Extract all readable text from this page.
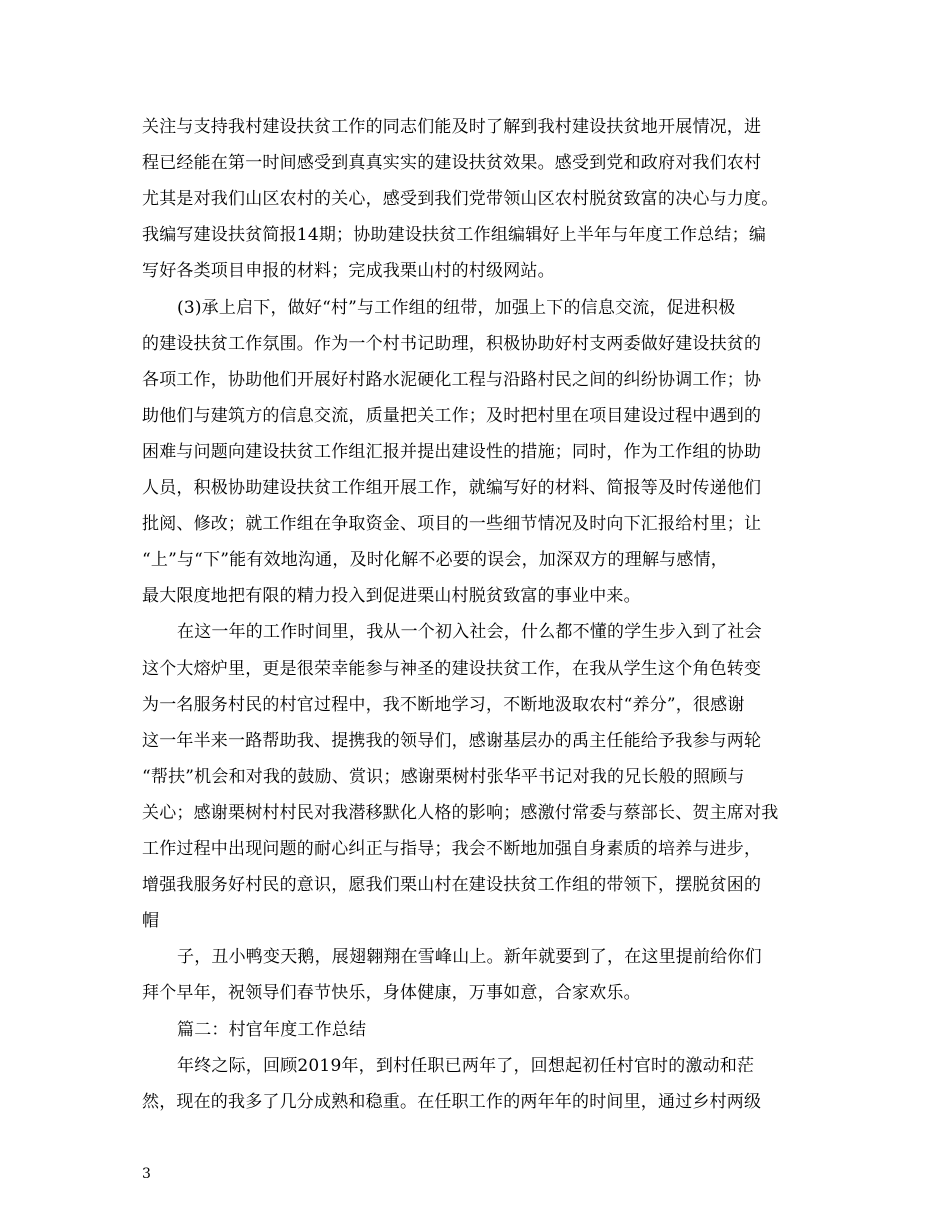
关注与支持我村建设扶贫工作的同志们能及时了解到我村建设扶贫地开展情况，进
程已经能在第一时间感受到真真实实的建设扶贫效果。感受到党和政府对我们农村
尤其是对我们山区农村的关心，感受到我们党带领山区农村脱贫致富的决心与力度。
我编写建设扶贫简报14期；协助建设扶贫工作组编辑好上半年与年度工作总结；编
写好各类项目申报的材料；完成我栗山村的村级网站。
(3)承上启下，做好“村”与工作组的纽带，加强上下的信息交流，促进积极
的建设扶贫工作氛围。作为一个村书记助理，积极协助好村支两委做好建设扶贫的
各项工作，协助他们开展好村路水泥硬化工程与沿路村民之间的纠纷协调工作；协
助他们与建筑方的信息交流，质量把关工作；及时把村里在项目建设过程中遇到的
困难与问题向建设扶贫工作组汇报并提出建设性的措施；同时，作为工作组的协助
人员，积极协助建设扶贫工作组开展工作，就编写好的材料、简报等及时传递他们
批阅、修改；就工作组在争取资金、项目的一些细节情况及时向下汇报给村里；让
“上”与“下”能有效地沟通，及时化解不必要的误会，加深双方的理解与感情，
最大限度地把有限的精力投入到促进栗山村脱贫致富的事业中来。
在这一年的工作时间里，我从一个初入社会，什么都不懂的学生步入到了社会
这个大熔炉里，更是很荣幸能参与神圣的建设扶贫工作，在我从学生这个角色转变
为一名服务村民的村官过程中，我不断地学习，不断地汲取农村“养分”，很感谢
这一年半来一路帮助我、提携我的领导们，感谢基层办的禹主任能给予我参与两轮
“帮扶”机会和对我的鼓励、赏识；感谢栗树村张华平书记对我的兄长般的照顾与
关心；感谢栗树村村民对我潜移默化人格的影响；感激付常委与蔡部长、贺主席对我
工作过程中出现问题的耐心纠正与指导；我会不断地加强自身素质的培养与进步，
增强我服务好村民的意识，愿我们栗山村在建设扶贫工作组的带领下，摆脱贫困的
帽
子，丑小鸭变天鹅，展翅翱翔在雪峰山上。新年就要到了，在这里提前给你们
拜个早年，祝领导们春节快乐，身体健康，万事如意，合家欢乐。
篇二：村官年度工作总结
年终之际，回顾2019年，到村任职已两年了，回想起初任村官时的激动和茫
然，现在的我多了几分成熟和稳重。在任职工作的两年年的时间里，通过乡村两级
3
